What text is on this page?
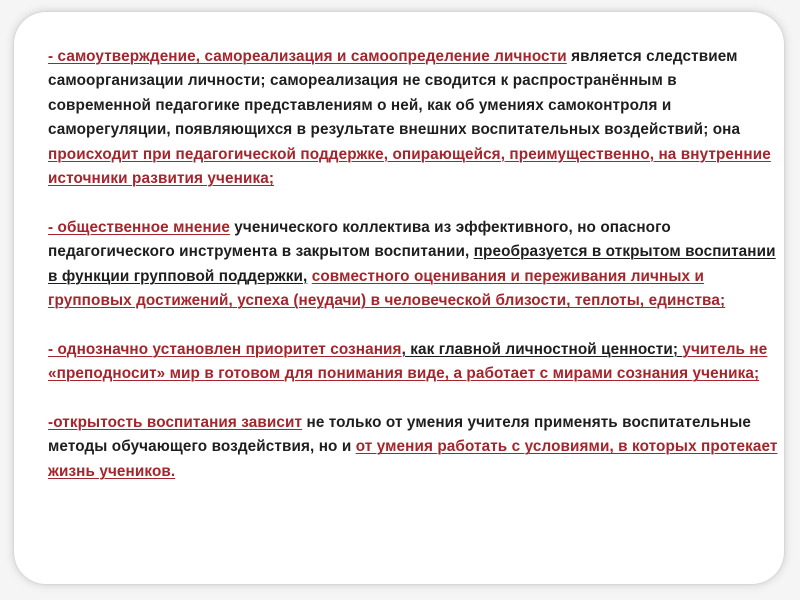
- самоутверждение, самореализация и самоопределение личности является следствием самоорганизации личности; самореализация не сводится к распространённым в современной педагогике представлениям о ней, как об умениях самоконтроля и саморегуляции, появляющихся в результате внешних воспитательных воздействий; она происходит при педагогической поддержке, опирающейся, преимущественно, на внутренние источники развития ученика;

- общественное мнение ученического коллектива из эффективного, но опасного педагогического инструмента в закрытом воспитании, преобразуется в открытом воспитании в функции групповой поддержки, совместного оценивания и переживания личных и групповых достижений, успеха (неудачи) в человеческой близости, теплоты, единства;

- однозначно установлен приоритет сознания, как главной личностной ценности; учитель не «преподносит» мир в готовом для понимания виде, а работает с мирами сознания ученика;

-открытость воспитания зависит не только от умения учителя применять воспитательные методы обучающего воздействия, но и от умения работать с условиями, в которых протекает жизнь учеников.
